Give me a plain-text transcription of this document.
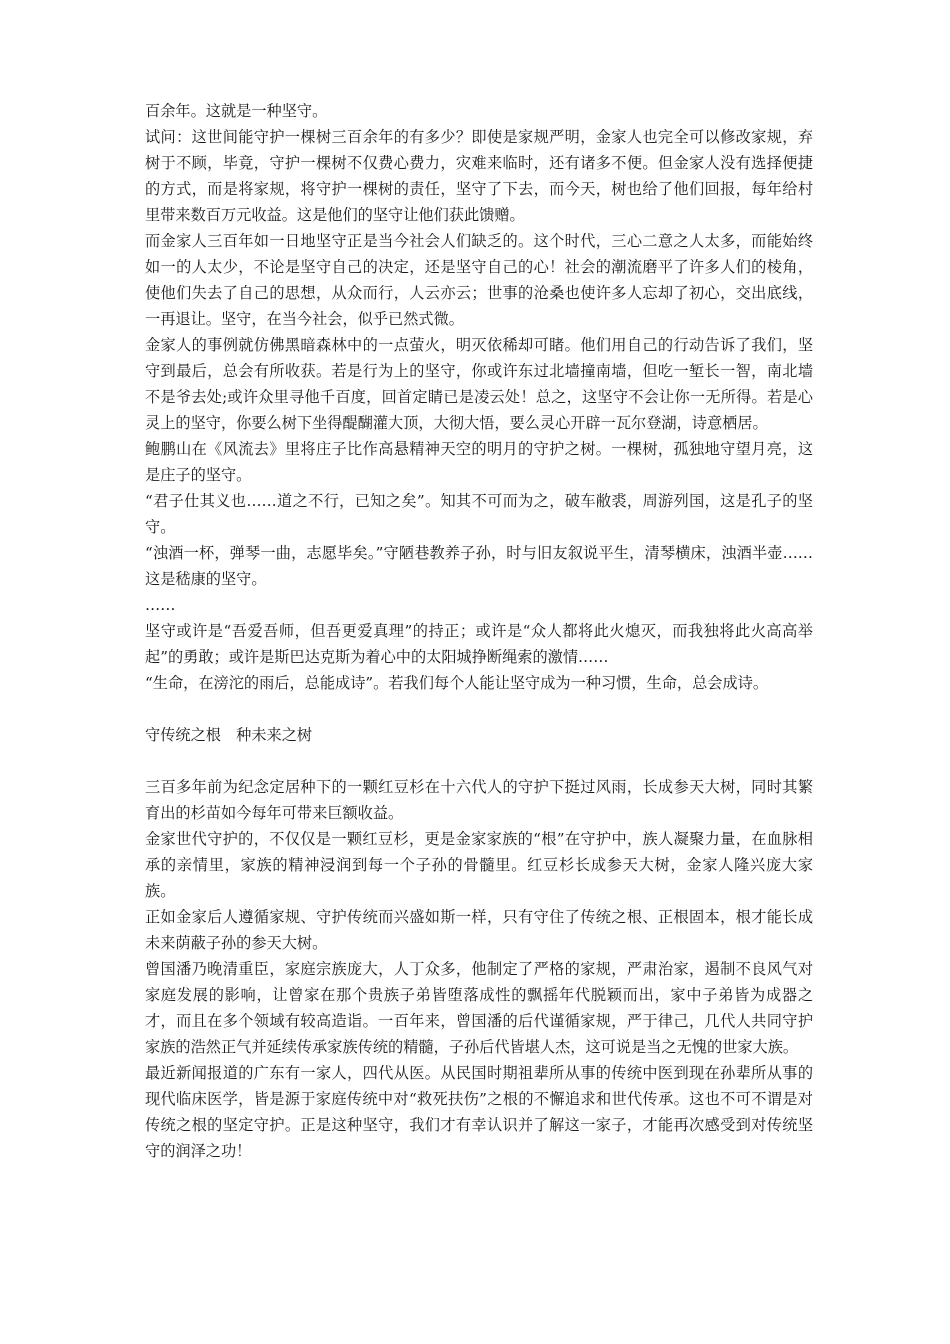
百余年。这就是一种坚守。

试问：这世间能守护一棵树三百余年的有多少？即使是家规严明，金家人也完全可以修改家规，弃树于不顾，毕竟，守护一棵树不仅费心费力，灾难来临时，还有诸多不便。但金家人没有选择便捷的方式，而是将家规，将守护一棵树的责任，坚守了下去，而今天，树也给了他们回报，每年给村里带来数百万元收益。这是他们的坚守让他们获此馈赠。

而金家人三百年如一日地坚守正是当今社会人们缺乏的。这个时代，三心二意之人太多，而能始终如一的人太少，不论是坚守自己的决定，还是坚守自己的心！社会的潮流磨平了许多人们的棱角，使他们失去了自己的思想，从众而行，人云亦云；世事的沧桑也使许多人忘却了初心，交出底线，一再退让。坚守，在当今社会，似乎已然式微。

金家人的事例就仿佛黑暗森林中的一点萤火，明灭依稀却可睹。他们用自己的行动告诉了我们，坚守到最后，总会有所收获。若是行为上的坚守，你或许东过北墙撞南墙，但吃一堑长一智，南北墙不是爷去处;或许众里寻他千百度，回首定睛已是凌云处！总之，这坚守不会让你一无所得。若是心灵上的坚守，你要么树下坐得醍醐灌大顶，大彻大悟，要么灵心开辟一瓦尔登湖，诗意栖居。

鲍鹏山在《风流去》里将庄子比作高悬精神天空的明月的守护之树。一棵树，孤独地守望月亮，这是庄子的坚守。

“君子仕其义也……道之不行，已知之矣”。知其不可而为之，破车敝裘，周游列国，这是孔子的坚守。

“浊酒一杯，弹琴一曲，志愿毕矣。”守陋巷教养子孙，时与旧友叙说平生，清琴横床，浊酒半壶……这是嵇康的坚守。

……

坚守或许是“吾爱吾师，但吾更爱真理”的持正；或许是“众人都将此火熄灭，而我独将此火高高举起”的勇敢；或许是斯巴达克斯为着心中的太阳城挣断绳索的激情……

“生命，在滂沱的雨后，总能成诗”。若我们每个人能让坚守成为一种习惯，生命，总会成诗。

守传统之根　种未来之树

三百多年前为纪念定居种下的一颗红豆杉在十六代人的守护下挺过风雨，长成参天大树，同时其繁育出的杉苗如今每年可带来巨额收益。

金家世代守护的，不仅仅是一颗红豆杉，更是金家家族的“根”在守护中，族人凝聚力量，在血脉相承的亲情里，家族的精神浸润到每一个子孙的骨髓里。红豆杉长成参天大树，金家人隆兴庞大家族。

正如金家后人遵循家规、守护传统而兴盛如斯一样，只有守住了传统之根、正根固本，根才能长成未来荫蔽子孙的参天大树。

曾国潘乃晚清重臣，家庭宗族庞大，人丁众多，他制定了严格的家规，严肃治家，遏制不良风气对家庭发展的影响，让曾家在那个贵族子弟皆堕落成性的飘摇年代脱颖而出，家中子弟皆为成器之才，而且在多个领域有较高造诣。一百年来，曾国潘的后代谨循家规，严于律己，几代人共同守护家族的浩然正气并延续传承家族传统的精髓，子孙后代皆堪人杰，这可说是当之无愧的世家大族。

最近新闻报道的广东有一家人，四代从医。从民国时期祖辈所从事的传统中医到现在孙辈所从事的现代临床医学，皆是源于家庭传统中对“救死扶伤”之根的不懈追求和世代传承。这也不可不谓是对传统之根的坚定守护。正是这种坚守，我们才有幸认识并了解这一家子，才能再次感受到对传统坚守的润泽之功！
